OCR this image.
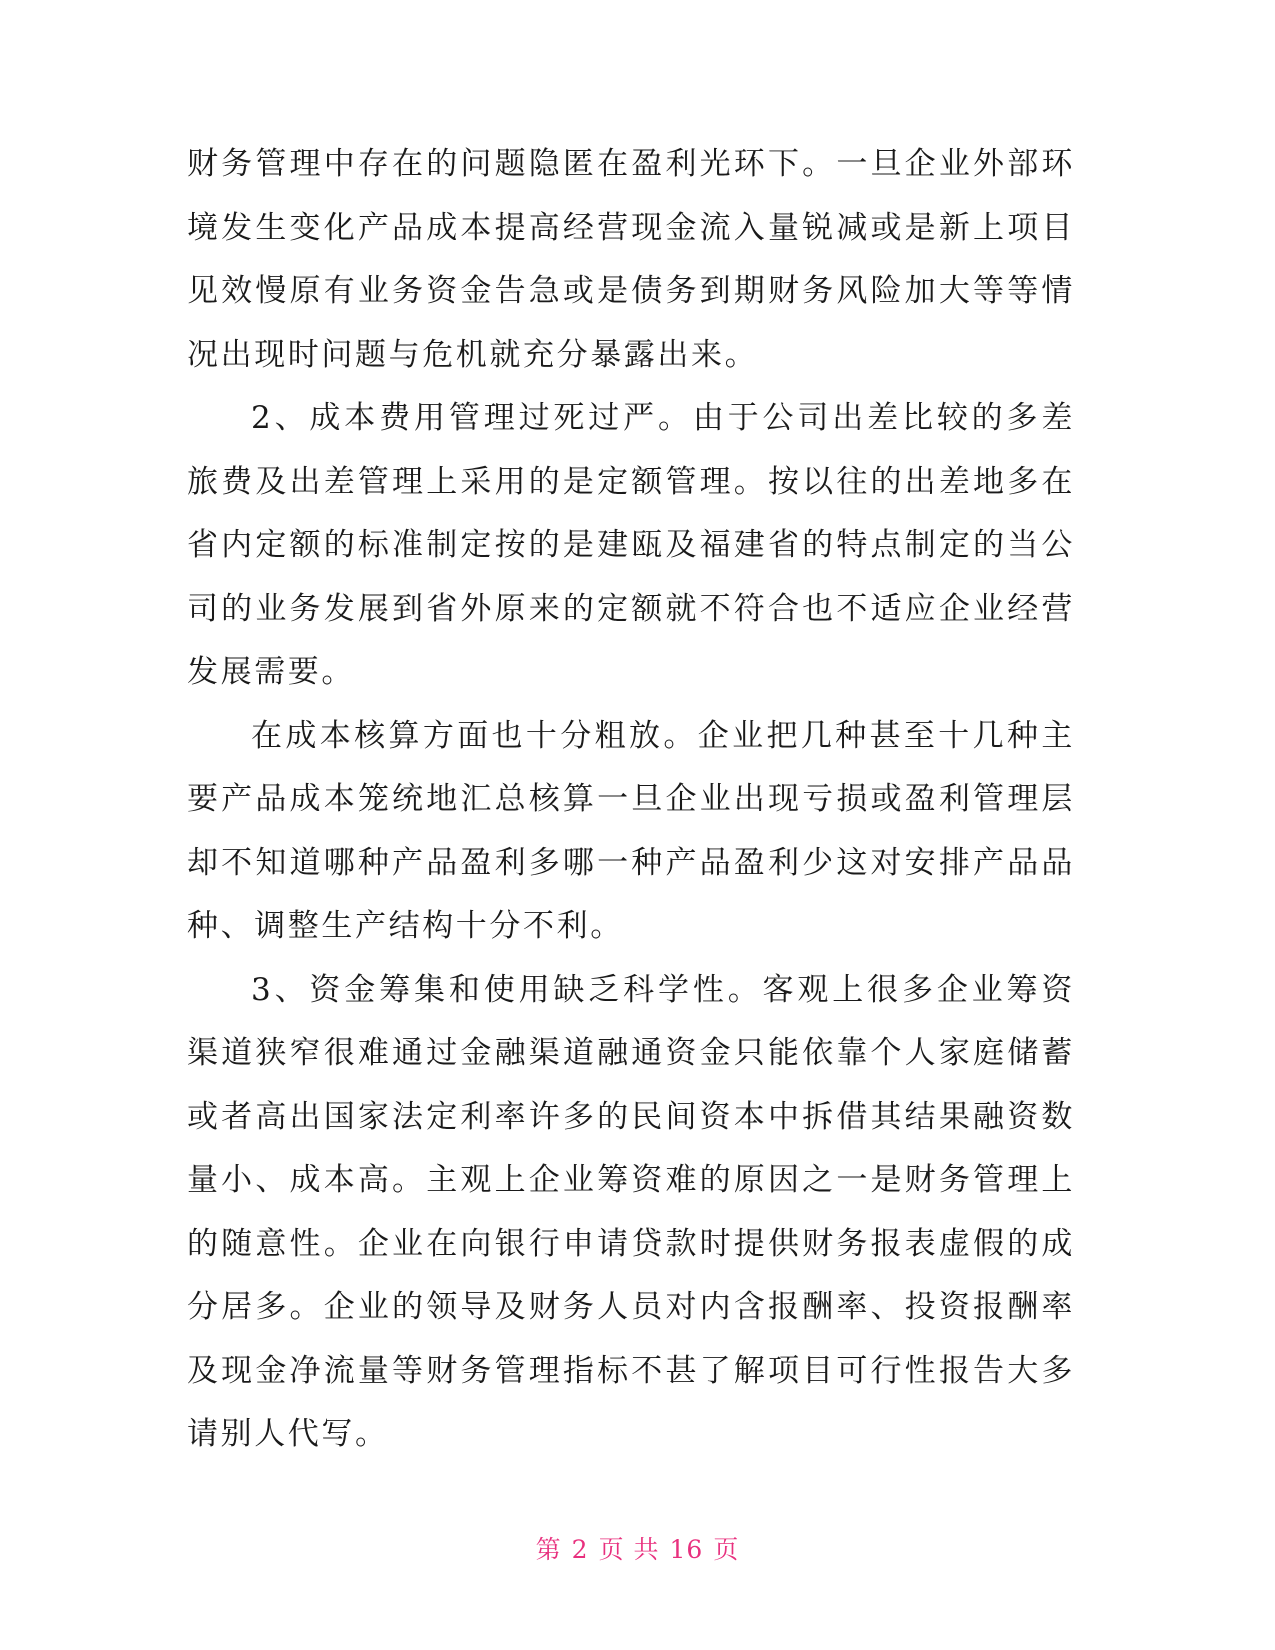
财务管理中存在的问题隐匿在盈利光环下。一旦企业外部环境发生变化产品成本提高经营现金流入量锐减或是新上项目见效慢原有业务资金告急或是债务到期财务风险加大等等情况出现时问题与危机就充分暴露出来。

2、成本费用管理过死过严。由于公司出差比较的多差旅费及出差管理上采用的是定额管理。按以往的出差地多在省内定额的标准制定按的是建瓯及福建省的特点制定的当公司的业务发展到省外原来的定额就不符合也不适应企业经营发展需要。

在成本核算方面也十分粗放。企业把几种甚至十几种主要产品成本笼统地汇总核算一旦企业出现亏损或盈利管理层却不知道哪种产品盈利多哪一种产品盈利少这对安排产品品种、调整生产结构十分不利。

3、资金筹集和使用缺乏科学性。客观上很多企业筹资渠道狭窄很难通过金融渠道融通资金只能依靠个人家庭储蓄或者高出国家法定利率许多的民间资本中拆借其结果融资数量小、成本高。主观上企业筹资难的原因之一是财务管理上的随意性。企业在向银行申请贷款时提供财务报表虚假的成分居多。企业的领导及财务人员对内含报酬率、投资报酬率及现金净流量等财务管理指标不甚了解项目可行性报告大多请别人代写。

第 2 页 共 16 页
